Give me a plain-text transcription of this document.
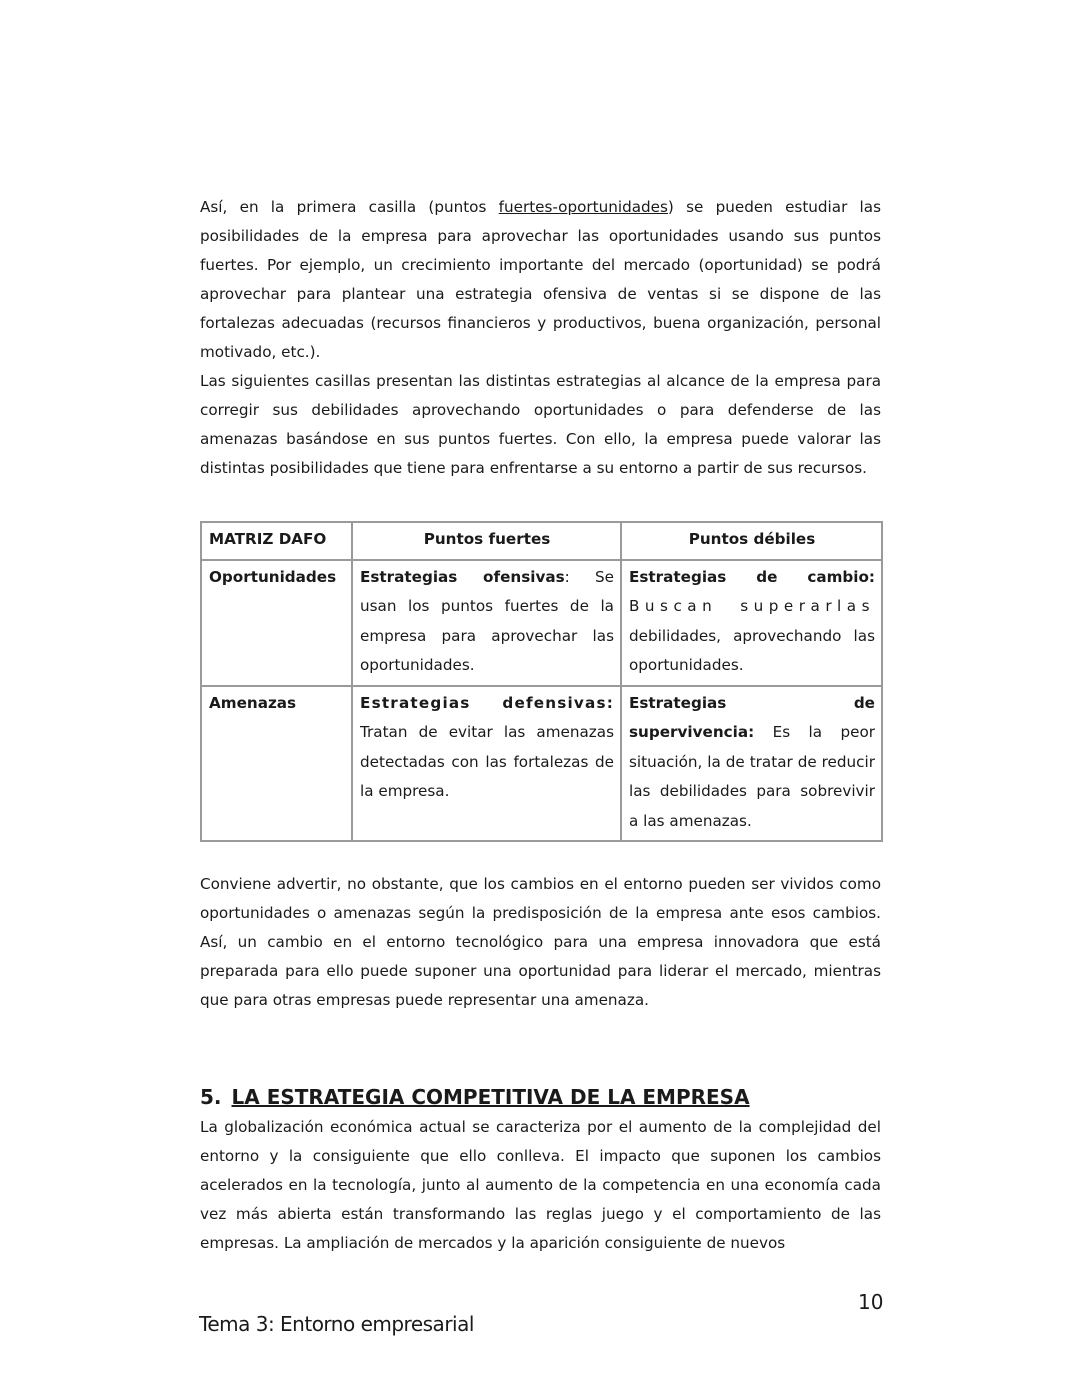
Así, en la primera casilla (puntos fuertes-oportunidades) se pueden estudiar las posibilidades de la empresa para aprovechar las oportunidades usando sus puntos fuertes. Por ejemplo, un crecimiento importante del mercado (oportunidad) se podrá aprovechar para plantear una estrategia ofensiva de ventas si se dispone de las fortalezas adecuadas (recursos financieros y productivos, buena organización, personal motivado, etc.).

Las siguientes casillas presentan las distintas estrategias al alcance de la empresa para corregir sus debilidades aprovechando oportunidades o para defenderse de las amenazas basándose en sus puntos fuertes. Con ello, la empresa puede valorar las distintas posibilidades que tiene para enfrentarse a su entorno a partir de sus recursos.

MATRIZ DAFO	Puntos fuertes	Puntos débiles
Oportunidades	Estrategias ofensivas: Se usan los puntos fuertes de la empresa para aprovechar las oportunidades.	Estrategias de cambio: Buscan superarlas debilidades, aprovechando las oportunidades.
Amenazas	Estrategias defensivas: Tratan de evitar las amenazas detectadas con las fortalezas de la empresa.	Estrategias de supervivencia: Es la peor situación, la de tratar de reducir las debilidades para sobrevivir a las amenazas.

Conviene advertir, no obstante, que los cambios en el entorno pueden ser vividos como oportunidades o amenazas según la predisposición de la empresa ante esos cambios. Así, un cambio en el entorno tecnológico para una empresa innovadora que está preparada para ello puede suponer una oportunidad para liderar el mercado, mientras que para otras empresas puede representar una amenaza.

5. LA ESTRATEGIA COMPETITIVA DE LA EMPRESA

La globalización económica actual se caracteriza por el aumento de la complejidad del entorno y la consiguiente que ello conlleva. El impacto que suponen los cambios acelerados en la tecnología, junto al aumento de la competencia en una economía cada vez más abierta están transformando las reglas juego y el comportamiento de las empresas. La ampliación de mercados y la aparición consiguiente de nuevos

10
Tema 3: Entorno empresarial
